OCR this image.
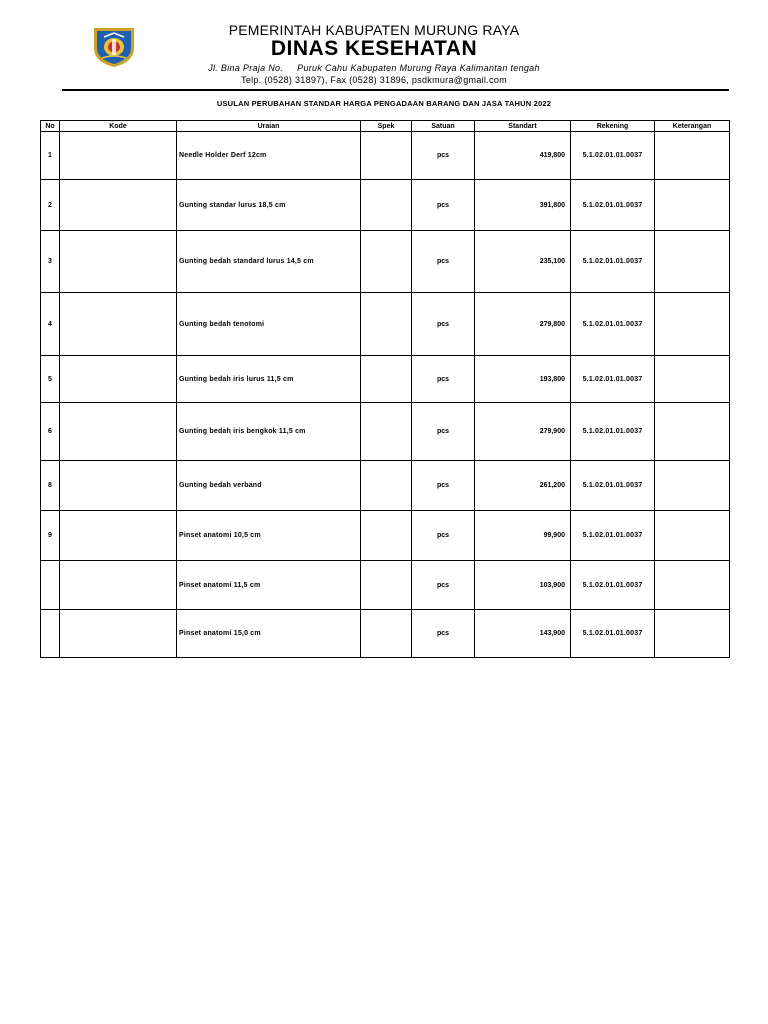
PEMERINTAH KABUPATEN MURUNG RAYA
DINAS KESEHATAN
Jl. Bina Praja No.     Puruk Cahu Kabupaten Murung Raya Kalimantan tengah
Telp. (0528) 31897), Fax (0528) 31896, psdkmura@gmail.com
USULAN PERUBAHAN STANDAR HARGA PENGADAAN BARANG DAN JASA TAHUN 2022
No	Kode	Uraian	Spek	Satuan	Standart	Rekening	Keterangan
1		Needle Holder Derf 12cm		pcs	419,800	5.1.02.01.01.0037	
2		Gunting standar lurus 18,5 cm		pcs	391,800	5.1.02.01.01.0037	
3		Gunting bedah standard lurus 14,5 cm		pcs	235,100	5.1.02.01.01.0037	
4		Gunting bedah tenotomi		pcs	279,800	5.1.02.01.01.0037	
5		Gunting bedah iris lurus 11,5 cm		pcs	193,800	5.1.02.01.01.0037	
6		Gunting bedah iris bengkok 11,5 cm		pcs	279,900	5.1.02.01.01.0037	
8		Gunting bedah verband		pcs	261,200	5.1.02.01.01.0037	
9		Pinset anatomi 10,5 cm		pcs	99,900	5.1.02.01.01.0037	
		Pinset anatomi 11,5 cm		pcs	103,900	5.1.02.01.01.0037	
		Pinset anatomi 15,0 cm		pcs	143,900	5.1.02.01.01.0037	
